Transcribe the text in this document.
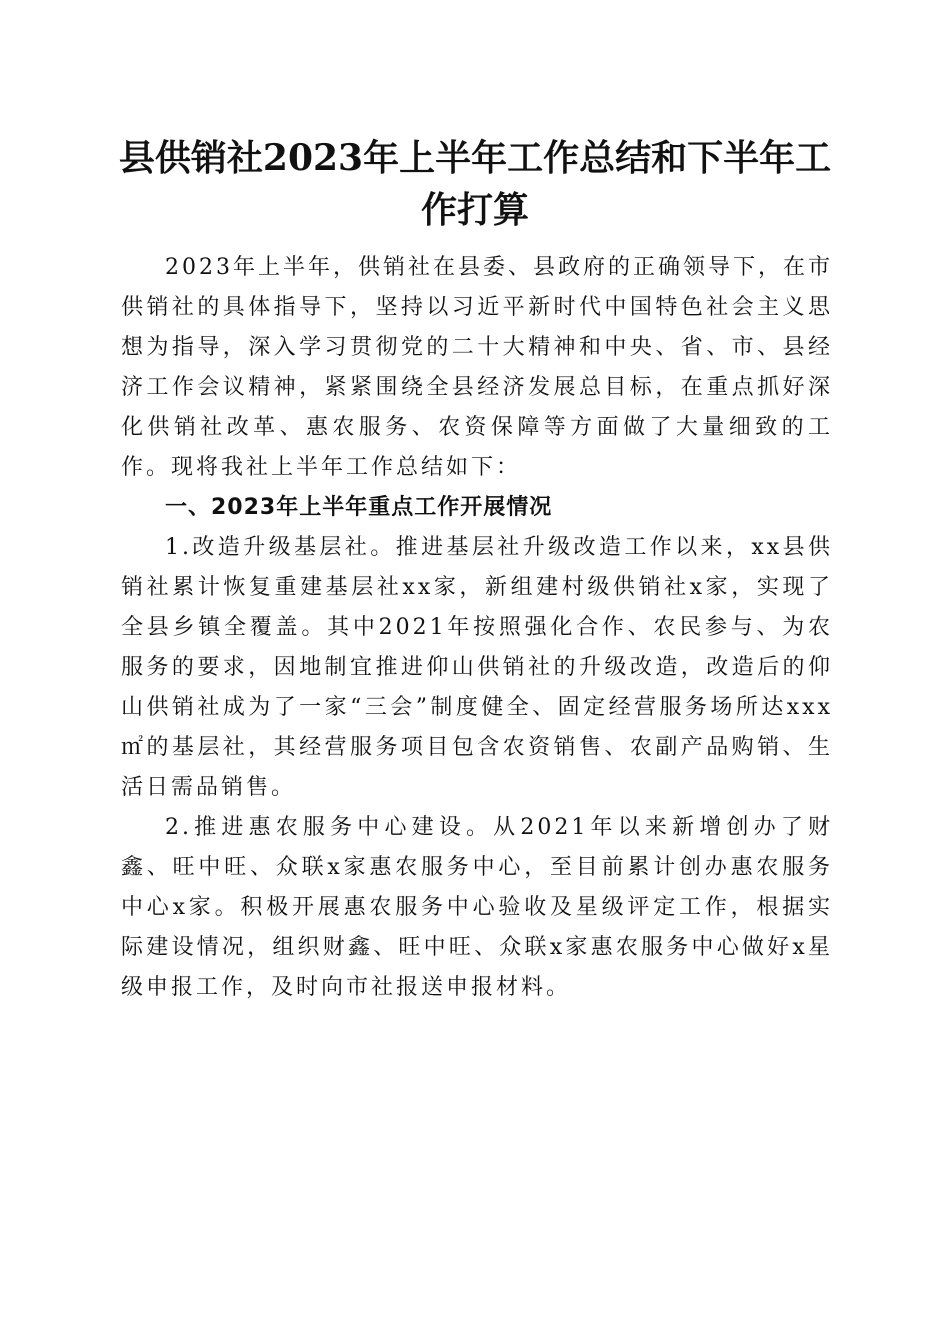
县供销社2023年上半年工作总结和下半年工作打算

2023年上半年，供销社在县委、县政府的正确领导下，在市供销社的具体指导下，坚持以习近平新时代中国特色社会主义思想为指导，深入学习贯彻党的二十大精神和中央、省、市、县经济工作会议精神，紧紧围绕全县经济发展总目标，在重点抓好深化供销社改革、惠农服务、农资保障等方面做了大量细致的工作。现将我社上半年工作总结如下：

一、2023年上半年重点工作开展情况

1.改造升级基层社。推进基层社升级改造工作以来，xx县供销社累计恢复重建基层社xx家，新组建村级供销社x家，实现了全县乡镇全覆盖。其中2021年按照强化合作、农民参与、为农服务的要求，因地制宜推进仰山供销社的升级改造，改造后的仰山供销社成为了一家“三会”制度健全、固定经营服务场所达xxx㎡的基层社，其经营服务项目包含农资销售、农副产品购销、生活日需品销售。

2.推进惠农服务中心建设。从2021年以来新增创办了财鑫、旺中旺、众联x家惠农服务中心，至目前累计创办惠农服务中心x家。积极开展惠农服务中心验收及星级评定工作，根据实际建设情况，组织财鑫、旺中旺、众联x家惠农服务中心做好x星级申报工作，及时向市社报送申报材料。
